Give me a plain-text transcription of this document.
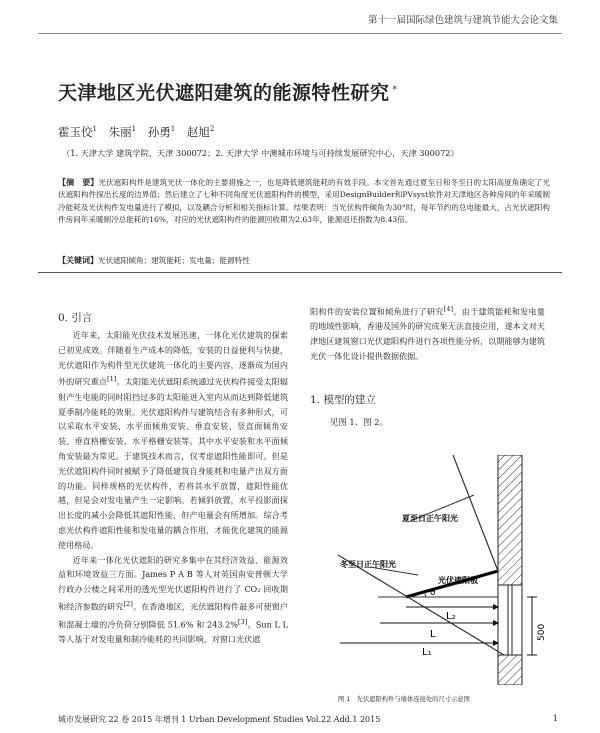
第十一届国际绿色建筑与建筑节能大会论文集
天津地区光伏遮阳建筑的能源特性研究 *
霍玉佼$^1$ 朱丽$^1$ 孙勇$^1$ 赵旭$^2$
（1. 天津大学 建筑学院，天津 300072；2. 天津大学 中澳城市环境与可持续发展研究中心，天津 300072）
【摘　要】光伏遮阳构件是建筑光伏一体化的主要措施之一，也是降低建筑能耗的有效手段。本文首先通过夏至日和冬至日的太阳高度角确定了光伏遮阳构件探出长度的边界值；然后建立了七种不同角度光伏遮阳构件的模型，采用DesignBuilder和PVsyst软件对天津地区各种房间的年采暖制冷能耗及光伏构件发电量进行了模拟，以及耦合分析和相关指标计算。结果表明：当光伏构件倾角为30°时，每年节约的总电能最大，占光伏遮阳构件房间年采暖制冷总能耗的16%，对应的光伏遮阳构件的能源回收期为2.63年，能源返还指数为8.43倍。
【关键词】光伏遮阳倾角；建筑能耗；发电量；能源特性
0. 引言

近年来，太阳能光伏技术发展迅速，一体化光伏建筑的探索已初见成效。伴随着生产成本的降低，安装的日益便利与快捷，光伏遮阳作为构件型光伏建筑一体化的主要内容，逐渐成为国内外的研究重点[1]。太阳能光伏遮阳系统通过光伏构件接受太阳辐射产生电能的同时阻挡过多的太阳能进入室内从而达到降低建筑夏季制冷能耗的效果。光伏遮阳构件与建筑结合有多种形式，可以采取水平安装、水平面倾角安装、垂直安装、竖直面倾角安装、垂直格栅安装、水平格栅安装等。其中水平安装和水平面倾角安装最为常见。于建筑技术而言，仅考虑遮阳性能即可。但是光伏遮阳构件同时被赋予了降低建筑自身能耗和电量产出双方面的功能。同样规格的光伏构件，若将其水平放置，遮阳性能优越，但是会对发电量产生一定影响。若倾斜放置，水平投影面探出长度的减小会降低其遮阳性能，但产电量会有所增加。综合考虑光伏构件遮阳性能和发电量的耦合作用，才能优化建筑的能源使用格局。

近年来一体化光伏遮阳的研究多集中在其经济效益、能源效益和环境效益三方面。James P A B 等人对英国南安普顿大学行政办公楼之间采用的透光型光伏遮阳构件进行了 CO₂ 回收期和经济参数的研究[2]。在香港地区，光伏遮阳构件最多可使窗户和混凝土墙的冷负荷分别降低 51.6% 和 243.2%[3]。Sun L L 等人基于对发电量和制冷能耗的共同影响，对窗口光伏遮

阳构件的安装位置和倾角进行了研究[4]。由于建筑能耗和发电量的地域性影响，香港及国外的研究成果无法直接应用，遂本文对天津地区建筑窗口光伏遮阳构件进行各项性能分析，以期能够为建筑光伏一体化设计提供数据依据。

1. 模型的建立
见图 1、图 2。
θ
夏至日正午阳光
冬至日正午阳光
光伏遮阳板
L₂
L
L₁
500
图 1　光伏遮阳构件与墙体连接处的尺寸示意图
城市发展研究 22 卷 2015 年增刊 1 Urban Development Studies Vol.22 Add.1 2015	1
